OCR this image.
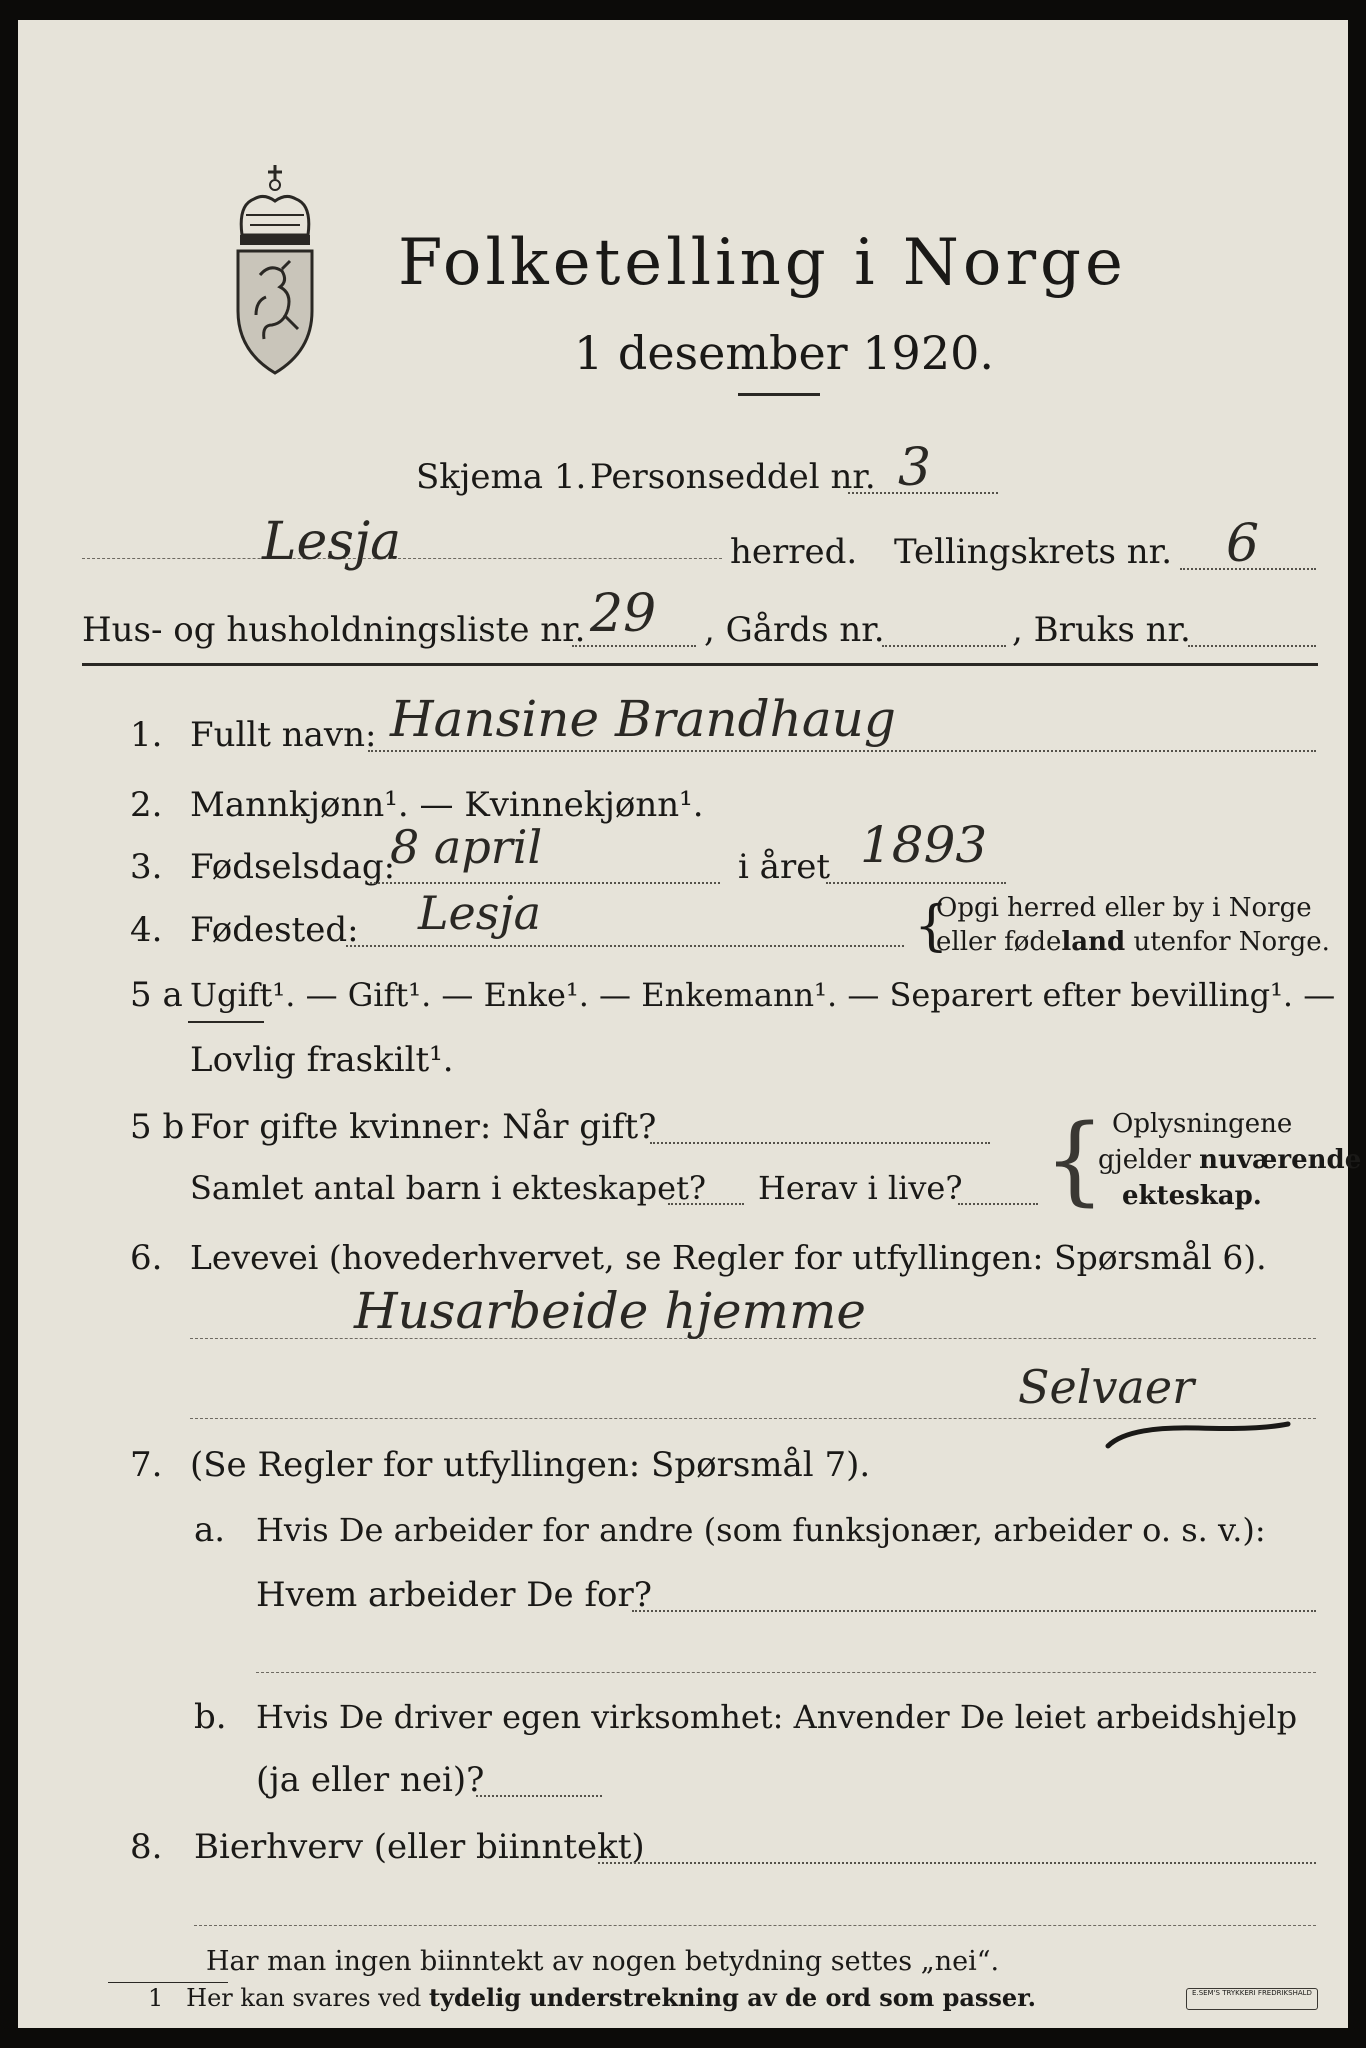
Folketelling i Norge
1 desember 1920.
Skjema 1. Personseddel nr. 3
Lesja	herred. Tellingskrets nr. 6
Hus- og husholdningsliste nr. 29 , Gårds nr.	, Bruks nr.
1. Fullt navn: Hansine Brandhaug
2. Mannkjønn¹. — Kvinnekjønn¹.
3. Fødselsdag:
8 april	i året 1893
4. Fødested: Lesja	{
Opgi herred eller by i Norge
eller fødeland utenfor Norge.
5 a Ugift¹. — Gift¹. — Enke¹. — Enkemann¹. — Separert efter bevilling¹. —
Lovlig fraskilt¹.
5 b For gifte kvinner: Når gift?
Samlet antal barn i ekteskapet? Herav i live? { Oplysningene
gjelder nuværende
ekteskap.
6. Levevei (hovederhvervet, se Regler for utfyllingen: Spørsmål 6).
Husarbeide hjemme
Selvaer
7. (Se Regler for utfyllingen: Spørsmål 7).
a. Hvis De arbeider for andre (som funksjonær, arbeider o. s. v.):
Hvem arbeider De for?
b. Hvis De driver egen virksomhet: Anvender De leiet arbeidshjelp
(ja eller nei)?
8. Bierhverv (eller biinntekt)
Har man ingen biinntekt av nogen betydning settes „nei“.
1 Her kan svares ved tydelig understrekning av de ord som passer.	E.SEM'S TRYKKERI FREDRIKSHALD
